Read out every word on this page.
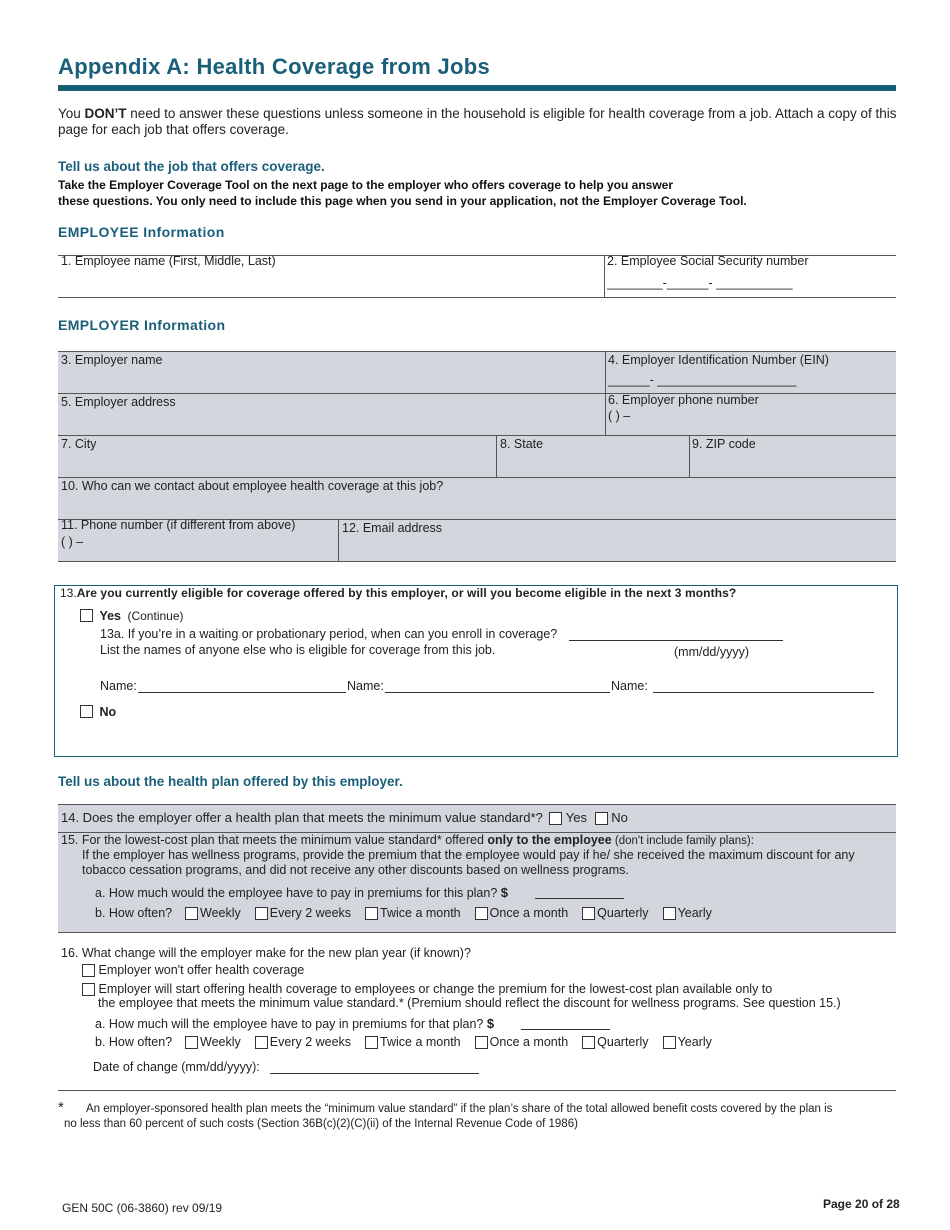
Appendix A: Health Coverage from Jobs
You DON’T need to answer these questions unless someone in the household is eligible for health coverage from a job. Attach a copy of this page for each job that offers coverage.
Tell us about the job that offers coverage.
Take the Employer Coverage Tool on the next page to the employer who offers coverage to help you answer
these questions. You only need to include this page when you send in your application, not the Employer Coverage Tool.
EMPLOYEE Information
1. Employee name (First, Middle, Last)	2. Employee Social Security number
________-______- ___________
EMPLOYER Information
3. Employer name	4. Employer Identification Number (EIN)
______- ____________________
5. Employer address	6. Employer phone number
( ) –
7. City	8. State	9. ZIP code
10. Who can we contact about employee health coverage at this job?
11. Phone number (if different from above)
( ) –
12. Email address
13.Are you currently eligible for coverage offered by this employer, or will you become eligible in the next 3 months?
Yes (Continue)
13a. If you’re in a waiting or probationary period, when can you enroll in coverage?
List the names of anyone else who is eligible for coverage from this job.	(mm/dd/yyyy)
Name:	Name:	Name:
No
Tell us about the health plan offered by this employer.
14. Does the employer offer a health plan that meets the minimum value standard*? Yes No
15. For the lowest-cost plan that meets the minimum value standard* offered only to the employee (don't include family plans):
If the employer has wellness programs, provide the premium that the employee would pay if he/ she received the maximum discount for any tobacco cessation programs, and did not receive any other discounts based on wellness programs.
a. How much would the employee have to pay in premiums for this plan? $
b. How often?	Weekly Every 2 weeks Twice a month Once a month Quarterly Yearly
16. What change will the employer make for the new plan year (if known)?
Employer won't offer health coverage
Employer will start offering health coverage to employees or change the premium for the lowest-cost plan available only to
the employee that meets the minimum value standard.* (Premium should reflect the discount for wellness programs. See question 15.)
a. How much will the employee have to pay in premiums for that plan? $
b. How often?	Weekly Every 2 weeks Twice a month Once a month Quarterly Yearly
Date of change (mm/dd/yyyy):
* An employer-sponsored health plan meets the “minimum value standard” if the plan’s share of the total allowed benefit costs covered by the plan is
no less than 60 percent of such costs (Section 36B(c)(2)(C)(ii) of the Internal Revenue Code of 1986)
GEN 50C (06-3860) rev 09/19	Page 20 of 28
